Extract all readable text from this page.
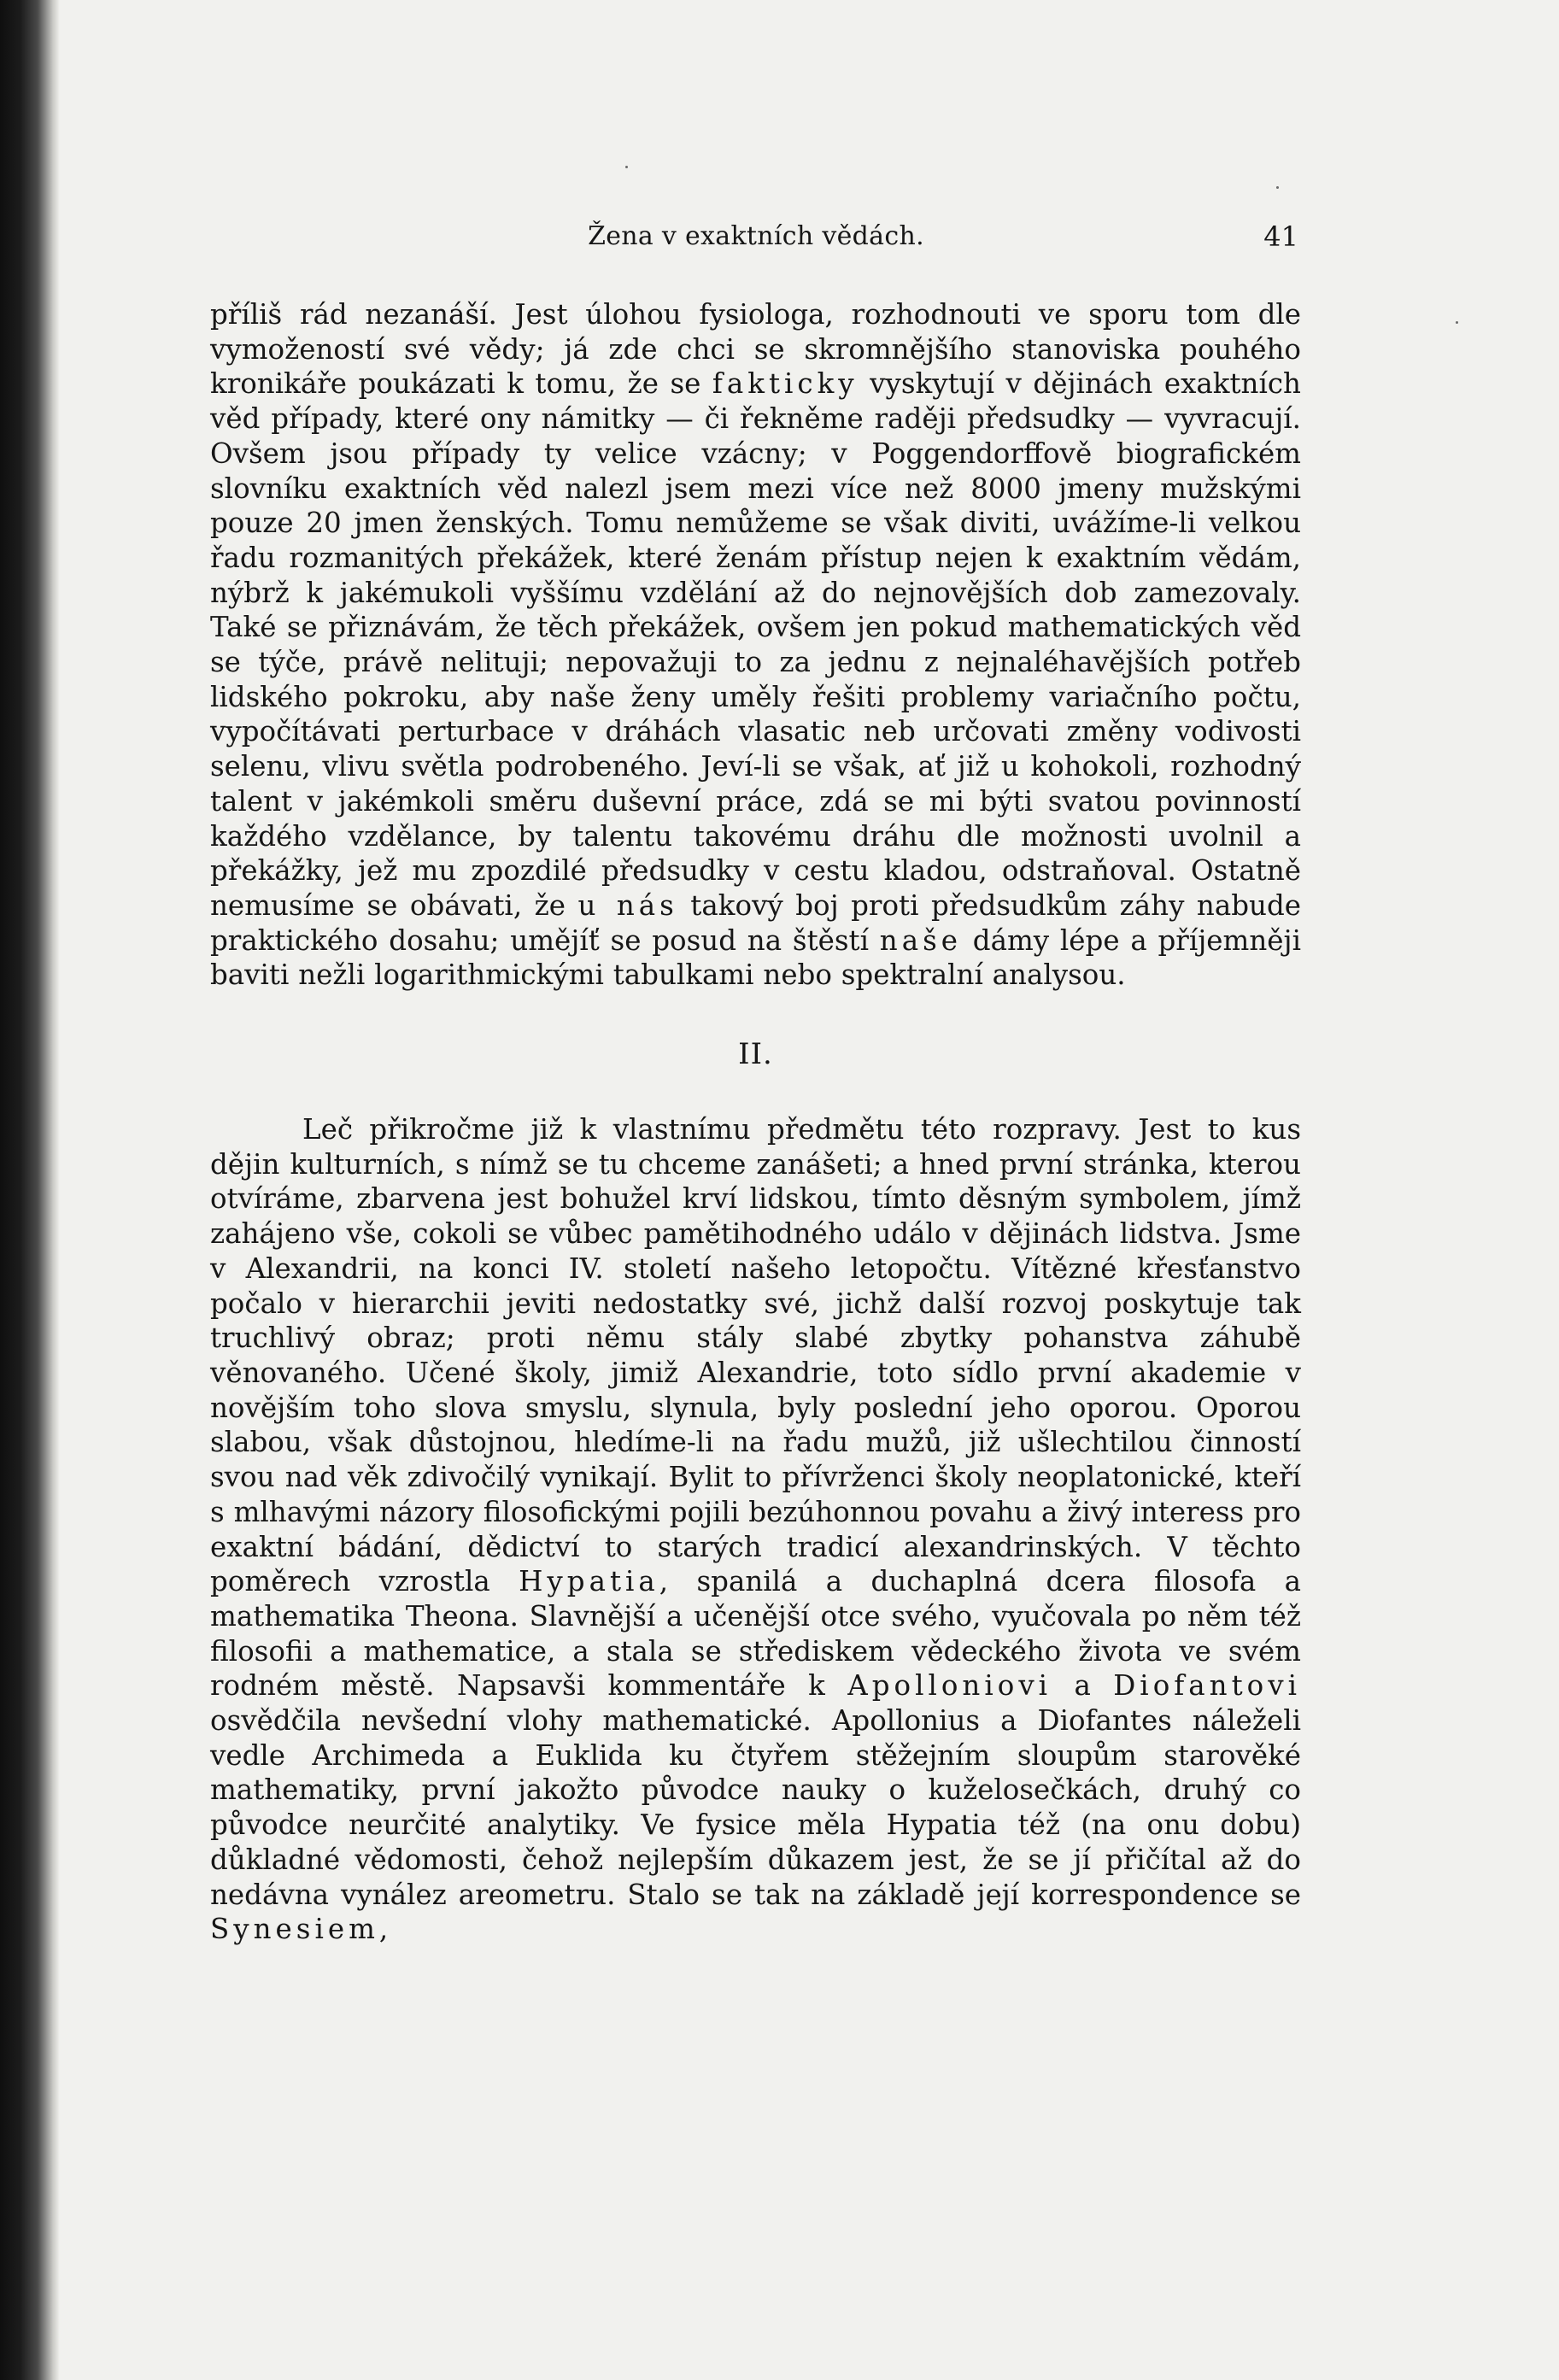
Žena v exaktních vědách.	41

příliš rád nezanáší. Jest úlohou fysiologa, rozhodnouti ve sporu tom dle vymožeností své vědy; já zde chci se skromnějšího stanoviska pouhého kronikáře poukázati k tomu, že se fakticky vyskytují v dějinách exaktních věd případy, které ony námitky — či řekněme raději předsudky — vyvracují. Ovšem jsou případy ty velice vzácny; v Poggendorffově biografickém slovníku exaktních věd nalezl jsem mezi více než 8000 jmeny mužskými pouze 20 jmen ženských. Tomu nemůžeme se však diviti, uvážíme-li velkou řadu rozmanitých překážek, které ženám přístup nejen k exaktním vědám, nýbrž k jakémukoli vyššímu vzdělání až do nejnovějších dob zamezovaly. Také se přiznávám, že těch překážek, ovšem jen pokud mathematických věd se týče, právě nelituji; nepovažuji to za jednu z nejnaléhavějších potřeb lidského pokroku, aby naše ženy uměly řešiti problemy variačního počtu, vypočítávati perturbace v dráhách vlasatic neb určovati změny vodivosti selenu, vlivu světla podrobeného. Jeví-li se však, ať již u kohokoli, rozhodný talent v jakémkoli směru duševní práce, zdá se mi býti svatou povinností každého vzdělance, by talentu takovému dráhu dle možnosti uvolnil a překážky, jež mu zpozdilé předsudky v cestu kladou, odstraňoval. Ostatně nemusíme se obávati, že u nás takový boj proti předsudkům záhy nabude praktického dosahu; umějíť se posud na štěstí naše dámy lépe a příjemněji baviti nežli logarithmickými tabulkami nebo spektralní analysou.

II.

Leč přikročme již k vlastnímu předmětu této rozpravy. Jest to kus dějin kulturních, s nímž se tu chceme zanášeti; a hned první stránka, kterou otvíráme, zbarvena jest bohužel krví lidskou, tímto děsným symbolem, jímž zahájeno vše, cokoli se vůbec pamětihodného událo v dějinách lidstva. Jsme v Alexandrii, na konci IV. století našeho letopočtu. Vítězné křesťanstvo počalo v hierarchii jeviti nedostatky své, jichž další rozvoj poskytuje tak truchlivý obraz; proti němu stály slabé zbytky pohanstva záhubě věnovaného. Učené školy, jimiž Alexandrie, toto sídlo první akademie v novějším toho slova smyslu, slynula, byly poslední jeho oporou. Oporou slabou, však důstojnou, hledíme-li na řadu mužů, již ušlechtilou činností svou nad věk zdivočilý vynikají. Bylit to přívrženci školy neoplatonické, kteří s mlhavými názory filosofickými pojili bezúhonnou povahu a živý interess pro exaktní bádání, dědictví to starých tradicí alexandrinských. V těchto poměrech vzrostla Hypatia, spanilá a duchaplná dcera filosofa a mathematika Theona. Slavnější a učenější otce svého, vyučovala po něm též filosofii a mathematice, a stala se střediskem vědeckého života ve svém rodném městě. Napsavši kommentáře k Apolloniovi a Diofantovi osvědčila nevšední vlohy mathematické. Apollonius a Diofantes náleželi vedle Archimeda a Euklida ku čtyřem stěžejním sloupům starověké mathematiky, první jakožto původce nauky o kuželosečkách, druhý co původce neurčité analytiky. Ve fysice měla Hypatia též (na onu dobu) důkladné vědomosti, čehož nejlepším důkazem jest, že se jí přičítal až do nedávna vynález areometru. Stalo se tak na základě její korrespondence se Synesiem,
